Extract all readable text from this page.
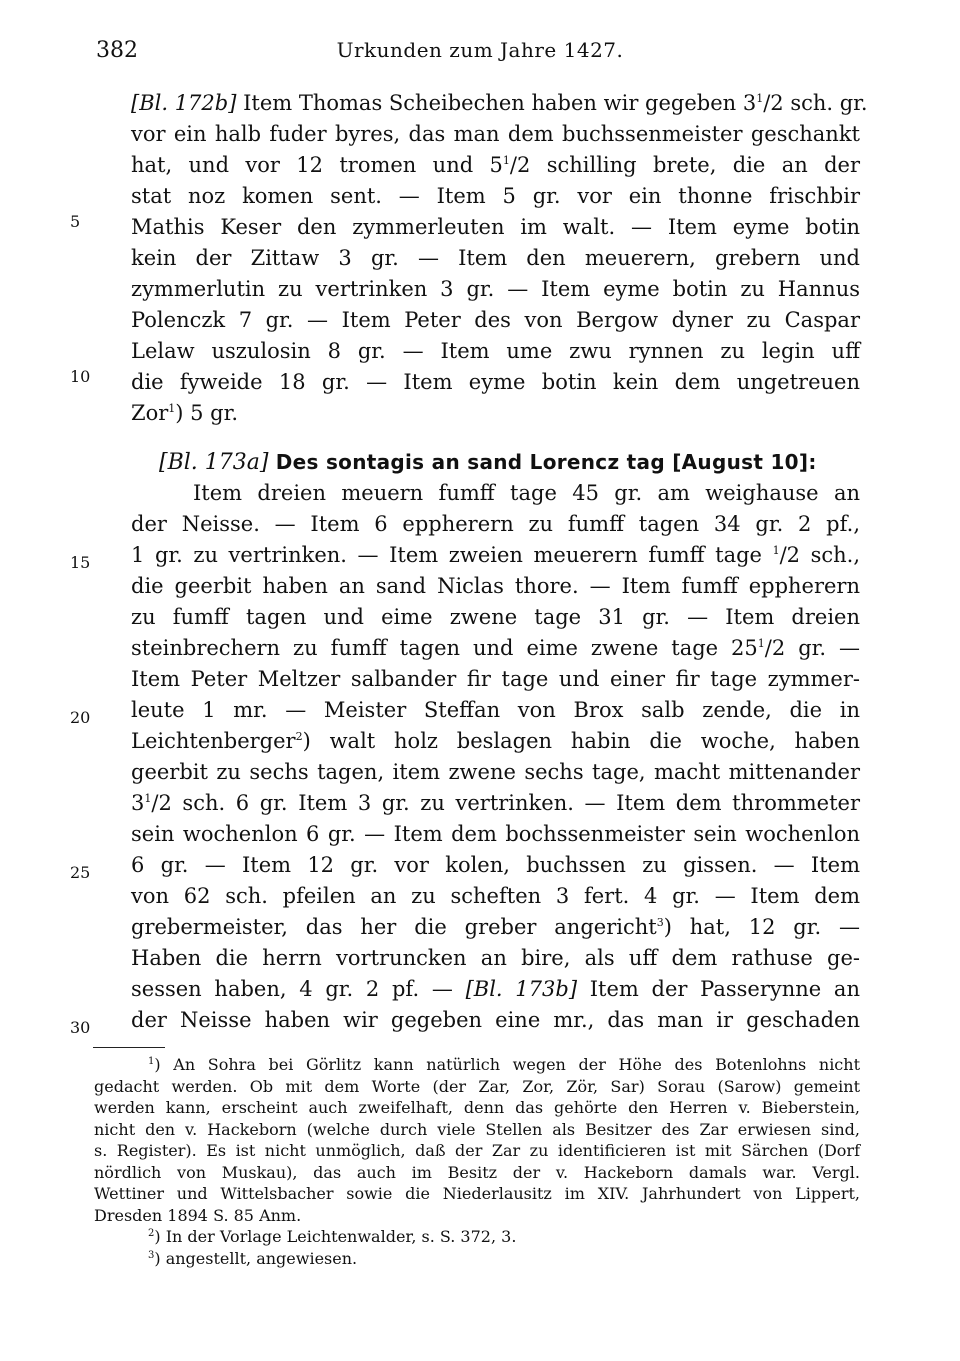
382	Urkunden zum Jahre 1427.
[Bl. 172b] Item Thomas Scheibechen haben wir gegeben $3^1/2$ sch. gr.
vor ein halb fuder byres, das man dem buchssenmeister geschankt
hat, und vor 12 tromen und $5^1/2$ schilling brete, die an der
stat noz komen sent. — Item 5 gr. vor ein thonne frischbir
Mathis Keser den zymmerleuten im walt. — Item eyme botin
kein der Zittaw 3 gr. — Item den meuerern, grebern und
zymmerlutin zu vertrinken 3 gr. — Item eyme botin zu Hannus
Polenczk 7 gr. — Item Peter des von Bergow dyner zu Caspar
Lelaw uszulosin 8 gr. — Item ume zwu rynnen zu legin uff
die fyweide 18 gr. — Item eyme botin kein dem ungetreuen
Zor$^1$) 5 gr.
[Bl. 173a] Des sontagis an sand Lorencz tag [August 10]:
Item dreien meuern fumff tage 45 gr. am weighause an
der Neisse. — Item 6 eppherern zu fumff tagen 34 gr. 2 pf.,
1 gr. zu vertrinken. — Item zweien meuerern fumff tage $^1$/2 sch.,
die geerbit haben an sand Niclas thore. — Item fumff eppherern
zu fumff tagen und eime zwene tage 31 gr. — Item dreien
steinbrechern zu fumff tagen und eime zwene tage $25^1/2$ gr. —
Item Peter Meltzer salbander fir tage und einer fir tage zymmer-
leute 1 mr. — Meister Steffan von Brox salb zende, die in
Leichtenberger$^2$) walt holz beslagen habin die woche, haben
geerbit zu sechs tagen, item zwene sechs tage, macht mittenander
$3^1/2$ sch. 6 gr. Item 3 gr. zu vertrinken. — Item dem thrommeter
sein wochenlon 6 gr. — Item dem bochssenmeister sein wochenlon
6 gr. — Item 12 gr. vor kolen, buchssen zu gissen. — Item
von 62 sch. pfeilen an zu scheften 3 fert. 4 gr. — Item dem
grebermeister, das her die greber angericht$^3$) hat, 12 gr. —
Haben die herrn vortruncken an bire, als uff dem rathuse ge-
sessen haben, 4 gr. 2 pf. — [Bl. 173b] Item der Passerynne an
der Neisse haben wir gegeben eine mr., das man ir geschaden
5
10
15
20
25
30
$^1$) An Sohra bei Görlitz kann natürlich wegen der Höhe des Botenlohns nicht
gedacht werden. Ob mit dem Worte (der Zar, Zor, Zör, Sar) Sorau (Sarow) gemeint
werden kann, erscheint auch zweifelhaft, denn das gehörte den Herren v. Bieberstein,
nicht den v. Hackeborn (welche durch viele Stellen als Besitzer des Zar erwiesen sind,
s. Register). Es ist nicht unmöglich, daß der Zar zu identificieren ist mit Särchen (Dorf
nördlich von Muskau), das auch im Besitz der v. Hackeborn damals war. Vergl.
Wettiner und Wittelsbacher sowie die Niederlausitz im XIV. Jahrhundert von Lippert,
Dresden 1894 S. 85 Anm.
$^2$) In der Vorlage Leichtenwalder, s. S. 372, 3.
$^3$) angestellt, angewiesen.
